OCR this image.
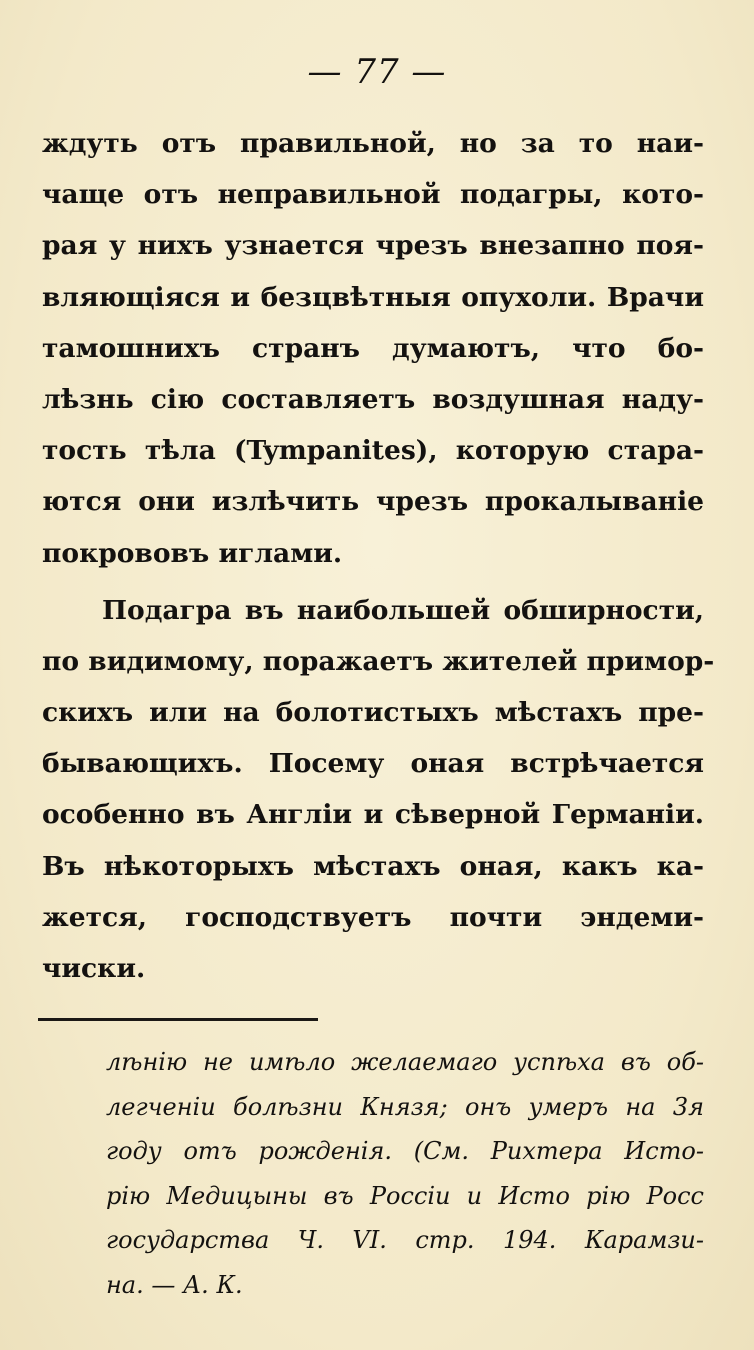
— 77 —
ждуть отъ правильной, но за то наи-
чаще отъ неправильной подагры, кото-
рая у нихъ узнается чрезъ внезапно поя-
вляющіяся и безцвѣтныя опухоли. Врачи
тамошнихъ странъ думаютъ, что бо-
лѣзнь сію составляетъ воздушная наду-
тость тѣла (Tympanites), которую стара-
ются они излѣчить чрезъ прокалываніе
покрововъ иглами.
Подагра въ наибольшей обширности,
по видимому, поражаетъ жителей примор-
скихъ или на болотистыхъ мѣстахъ пре-
бывающихъ. Посему оная встрѣчается
особенно въ Англіи и сѣверной Германіи.
Въ нѣкоторыхъ мѣстахъ оная, какъ ка-
жется, господствуетъ почти эндеми-
чиски.
лѣнію не имѣло желаемаго успѣха въ об-
легченіи болѣзни Князя; онъ умеръ на 3я
году отъ рожденія. (См. Рихтера Исто-
рію Медицыны въ Россіи и Исто рію Росс
государства Ч. VI. стр. 194. Карамзи-
на. — А. К.
